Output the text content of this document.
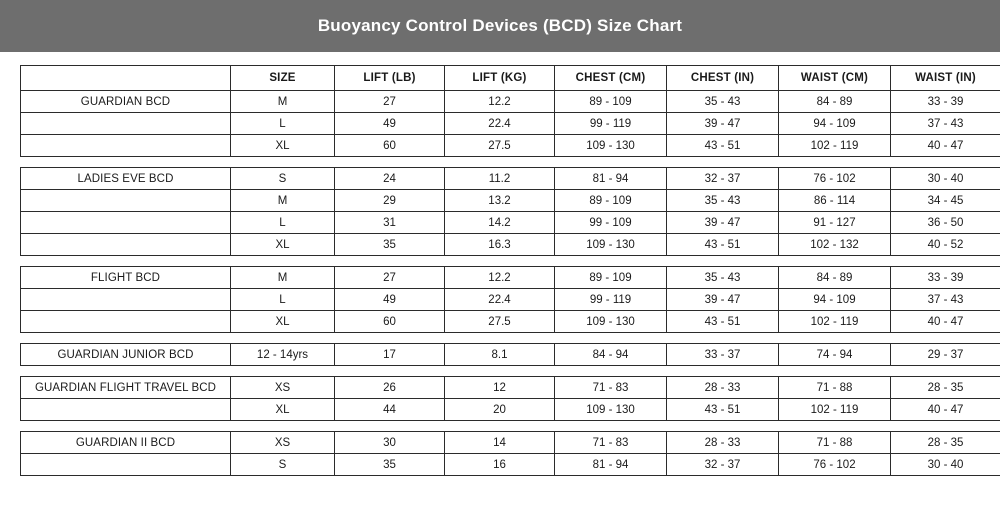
Buoyancy Control Devices (BCD) Size Chart
	SIZE	LIFT (LB)	LIFT (KG)	CHEST (CM)	CHEST (IN)	WAIST (CM)	WAIST (IN)
GUARDIAN BCD	M	27	12.2	89 - 109	35 - 43	84 - 89	33 - 39
	L	49	22.4	99 - 119	39 - 47	94 - 109	37 - 43
	XL	60	27.5	109 - 130	43 - 51	102 - 119	40 - 47

LADIES EVE BCD	S	24	11.2	81 - 94	32 - 37	76 - 102	30 - 40
	M	29	13.2	89 - 109	35 - 43	86 - 114	34 - 45
	L	31	14.2	99 - 109	39 - 47	91 - 127	36 - 50
	XL	35	16.3	109 - 130	43 - 51	102 - 132	40 - 52

FLIGHT BCD	M	27	12.2	89 - 109	35 - 43	84 - 89	33 - 39
	L	49	22.4	99 - 119	39 - 47	94 - 109	37 - 43
	XL	60	27.5	109 - 130	43 - 51	102 - 119	40 - 47

GUARDIAN JUNIOR BCD	12 - 14yrs	17	8.1	84 - 94	33 - 37	74 - 94	29 - 37

GUARDIAN FLIGHT TRAVEL BCD	XS	26	12	71 - 83	28 - 33	71 - 88	28 - 35
	XL	44	20	109 - 130	43 - 51	102 - 119	40 - 47

GUARDIAN II BCD	XS	30	14	71 - 83	28 - 33	71 - 88	28 - 35
	S	35	16	81 - 94	32 - 37	76 - 102	30 - 40
